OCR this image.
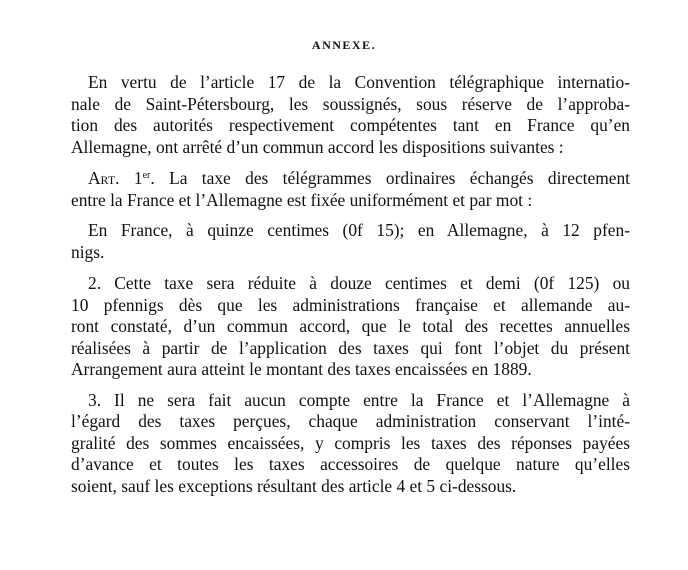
ANNEXE.

En vertu de l’article 17 de la Convention télégraphique internatio-
nale de Saint-Pétersbourg, les soussignés, sous réserve de l’approba-
tion des autorités respectivement compétentes tant en France qu’en
Allemagne, ont arrêté d’un commun accord les dispositions suivantes :

Art. 1er. La taxe des télégrammes ordinaires échangés directement
entre la France et l’Allemagne est fixée uniformément et par mot :

En France, à quinze centimes (0f 15); en Allemagne, à 12 pfen-
nigs.

2. Cette taxe sera réduite à douze centimes et demi (0f 125) ou
10 pfennigs dès que les administrations française et allemande au-
ront constaté, d’un commun accord, que le total des recettes annuelles
réalisées à partir de l’application des taxes qui font l’objet du présent
Arrangement aura atteint le montant des taxes encaissées en 1889.

3. Il ne sera fait aucun compte entre la France et l’Allemagne à
l’égard des taxes perçues, chaque administration conservant l’inté-
gralité des sommes encaissées, y compris les taxes des réponses payées
d’avance et toutes les taxes accessoires de quelque nature qu’elles
soient, sauf les exceptions résultant des article 4 et 5 ci-dessous.
